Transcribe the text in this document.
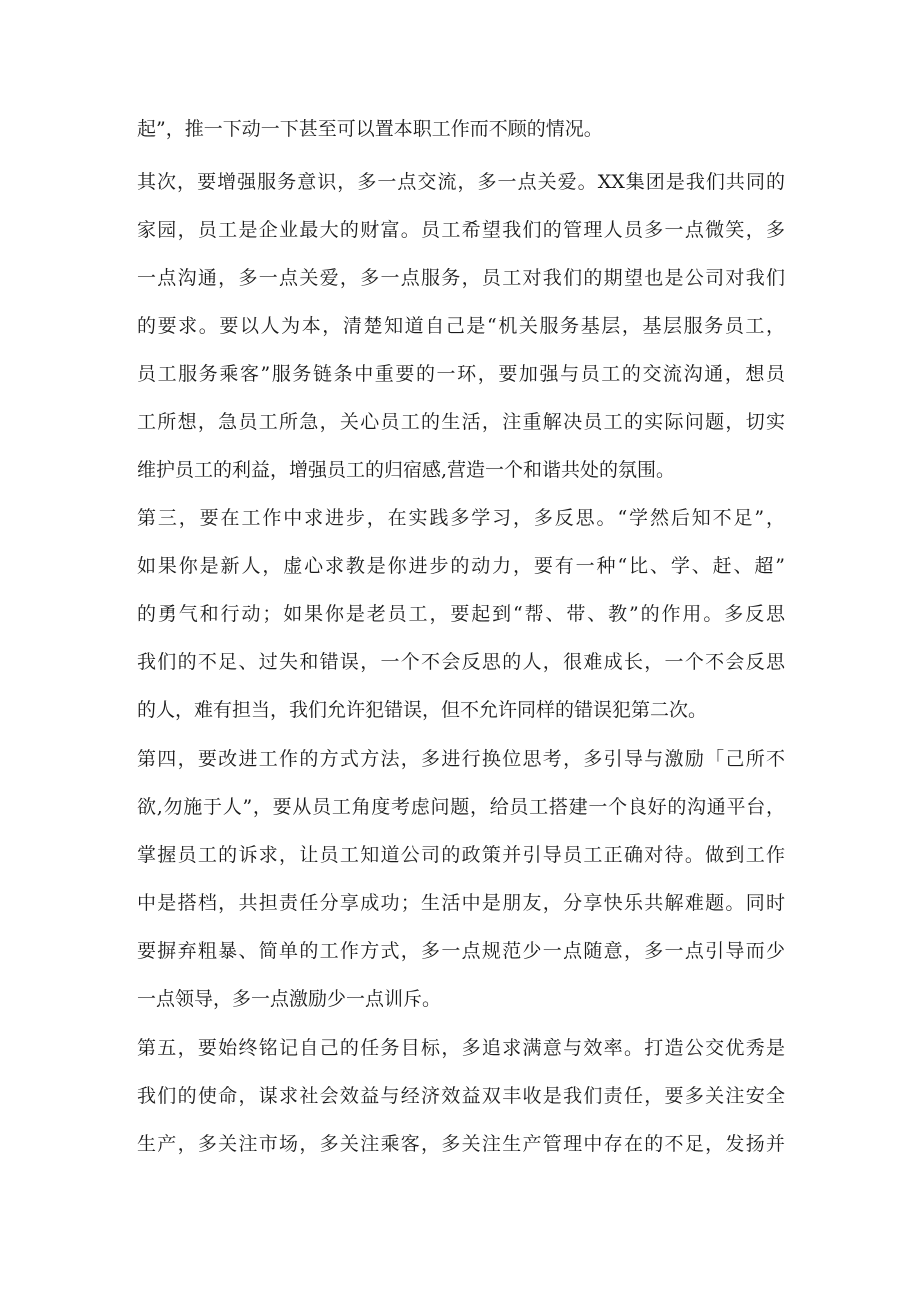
起”，推一下动一下甚至可以置本职工作而不顾的情况。
其次，要增强服务意识，多一点交流，多一点关爱。XX集团是我们共同的
家园，员工是企业最大的财富。员工希望我们的管理人员多一点微笑，多
一点沟通，多一点关爱，多一点服务，员工对我们的期望也是公司对我们
的要求。要以人为本，清楚知道自己是“机关服务基层，基层服务员工，
员工服务乘客”服务链条中重要的一环，要加强与员工的交流沟通，想员
工所想，急员工所急，关心员工的生活，注重解决员工的实际问题，切实
维护员工的利益，增强员工的归宿感,营造一个和谐共处的氛围。
第三，要在工作中求进步，在实践多学习，多反思。“学然后知不足”，
如果你是新人，虚心求教是你进步的动力，要有一种“比、学、赶、超”
的勇气和行动；如果你是老员工，要起到“帮、带、教”的作用。多反思
我们的不足、过失和错误，一个不会反思的人，很难成长，一个不会反思
的人，难有担当，我们允许犯错误，但不允许同样的错误犯第二次。
第四，要改进工作的方式方法，多进行换位思考，多引导与激励「己所不
欲,勿施于人”，要从员工角度考虑问题，给员工搭建一个良好的沟通平台，
掌握员工的诉求，让员工知道公司的政策并引导员工正确对待。做到工作
中是搭档，共担责任分享成功；生活中是朋友，分享快乐共解难题。同时
要摒弃粗暴、简单的工作方式，多一点规范少一点随意，多一点引导而少
一点领导，多一点激励少一点训斥。
第五，要始终铭记自己的任务目标，多追求满意与效率。打造公交优秀是
我们的使命，谋求社会效益与经济效益双丰收是我们责任，要多关注安全
生产，多关注市场，多关注乘客，多关注生产管理中存在的不足，发扬并
